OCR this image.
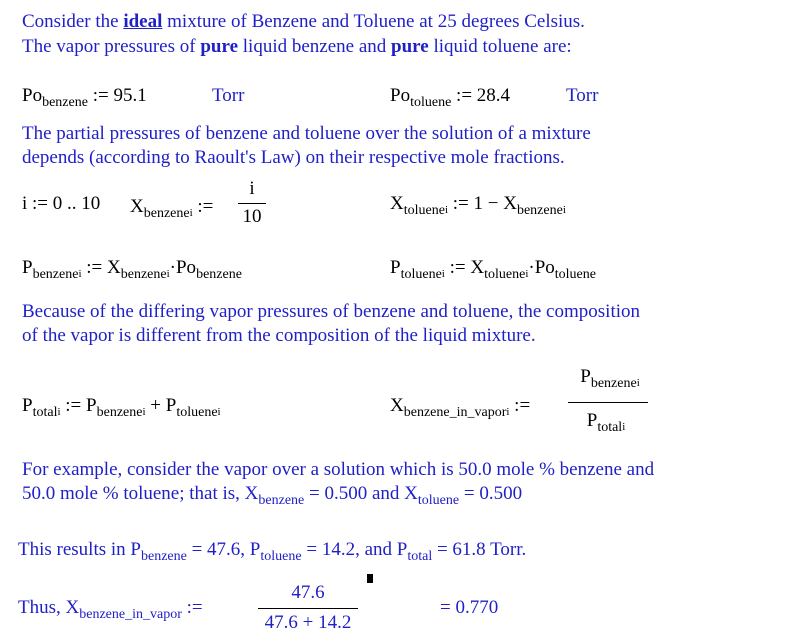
Consider the ideal mixture of Benzene and Toluene at 25 degrees Celsius.
The vapor pressures of pure liquid benzene and pure liquid toluene are:
$Po_{benzene}$ := 95.1	Torr	$Po_{toluene}$ := 28.4	Torr
The partial pressures of benzene and toluene over the solution of a mixture
depends (according to Raoult's Law) on their respective mole fractions.
i := 0 .. 10 $X_{benzenei}$ :=
i
10
$X_{toluenei}$ := $1 - X_{benzenei}$
$P_{benzenei}$ := $X_{benzenei}\cdot Po_{benzene}$	$P_{toluenei}$ := $X_{toluenei}\cdot Po_{toluene}$
Because of the differing vapor pressures of benzene and toluene, the composition
of the vapor is different from the composition of the liquid mixture.
$P_{totali}$ := $P_{benzenei} + P_{toluenei}$	$X_{benzene\_in\_vapori}$ :=
$P_{benzenei}$
$P_{totali}$
For example, consider the vapor over a solution which is 50.0 mole % benzene and
50.0 mole % toluene; that is, $X_{benzene} = 0.500$ and $X_{toluene} = 0.500$
This results in $P_{benzene} = 47.6$, $P_{toluene} = 14.2$, and $P_{total} = 61.8$ Torr.
Thus, $X_{benzene\_in\_vapor}$ :=
47.6
47.6 + 14.2
= 0.770
